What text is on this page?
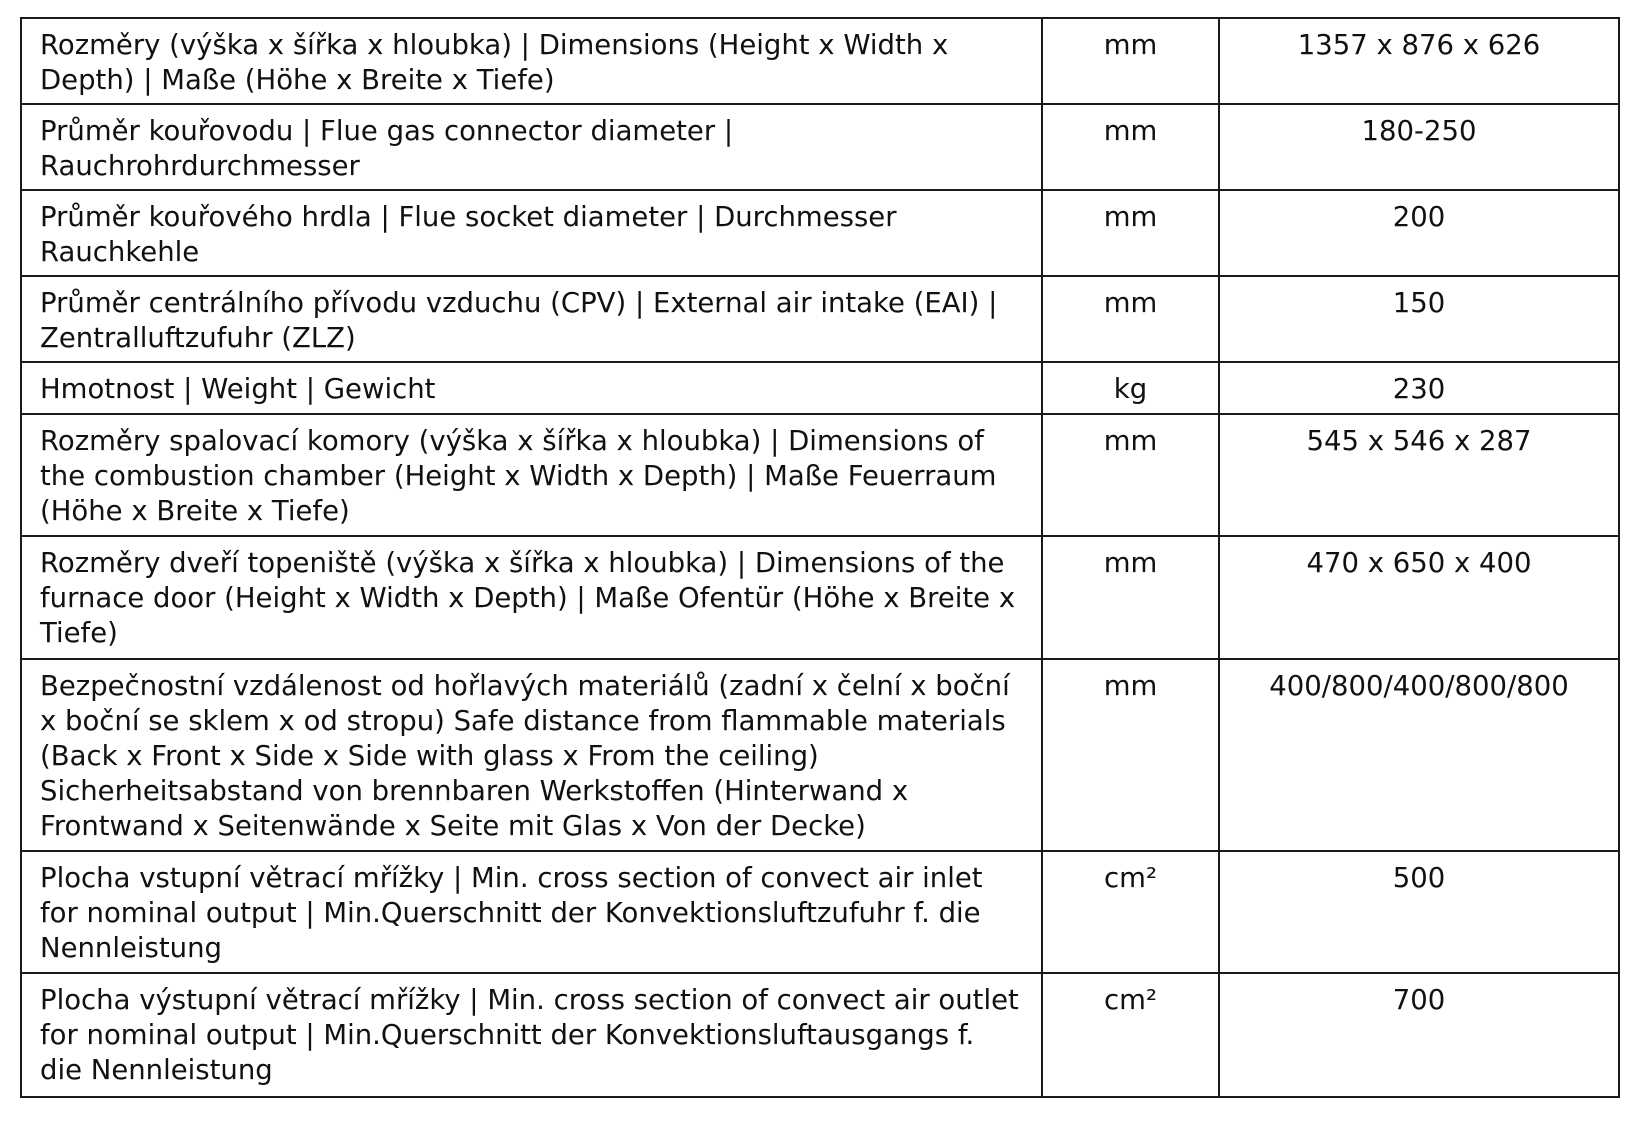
Rozměry (výška x šířka x hloubka) | Dimensions (Height x Width x Depth) | Maße (Höhe x Breite x Tiefe)	mm	1357 x 876 x 626
Průměr kouřovodu | Flue gas connector diameter | Rauchrohrdurchmesser	mm	180-250
Průměr kouřového hrdla | Flue socket diameter | Durchmesser Rauchkehle	mm	200
Průměr centrálního přívodu vzduchu (CPV) | External air intake (EAI) | Zentralluftzufuhr (ZLZ)	mm	150
Hmotnost | Weight | Gewicht	kg	230
Rozměry spalovací komory (výška x šířka x hloubka) | Dimensions of the combustion chamber (Height x Width x Depth) | Maße Feuerraum (Höhe x Breite x Tiefe)	mm	545 x 546 x 287
Rozměry dveří topeniště (výška x šířka x hloubka) | Dimensions of the furnace door (Height x Width x Depth) | Maße Ofentür (Höhe x Breite x Tiefe)	mm	470 x 650 x 400
Bezpečnostní vzdálenost od hořlavých materiálů (zadní x čelní x boční x boční se sklem x od stropu) Safe distance from flammable materials (Back x Front x Side x Side with glass x From the ceiling) Sicherheitsabstand von brennbaren Werkstoffen (Hinterwand x Frontwand x Seitenwände x Seite mit Glas x Von der Decke)	mm	400/800/400/800/800
Plocha vstupní větrací mřížky | Min. cross section of convect air inlet for nominal output | Min.Querschnitt der Konvektionsluftzufuhr f. die Nennleistung	cm²	500
Plocha výstupní větrací mřížky | Min. cross section of convect air outlet for nominal output | Min.Querschnitt der Konvektionsluftausgangs f. die Nennleistung	cm²	700
